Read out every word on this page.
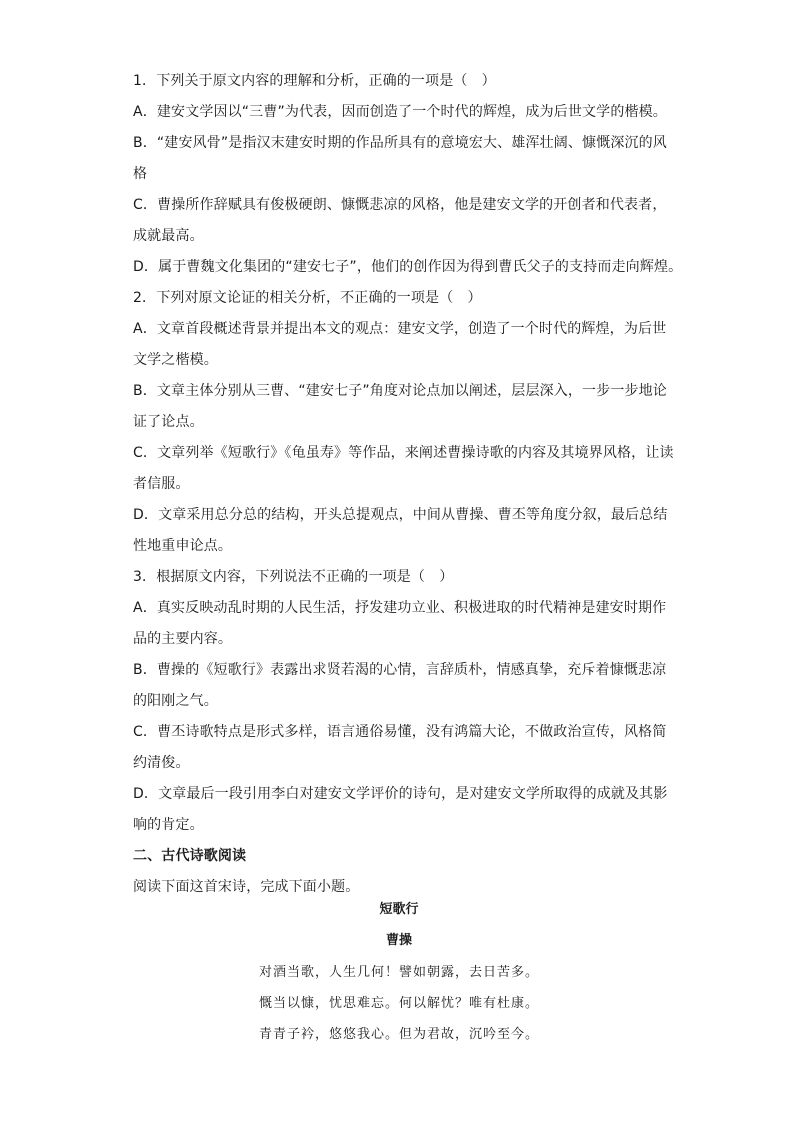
1．下列关于原文内容的理解和分析，正确的一项是（　）
A．建安文学因以“三曹”为代表，因而创造了一个时代的辉煌，成为后世文学的楷模。
B．“建安风骨”是指汉末建安时期的作品所具有的意境宏大、雄浑壮阔、慷慨深沉的风
格
C．曹操所作辞赋具有俊极硬朗、慷慨悲凉的风格，他是建安文学的开创者和代表者，
成就最高。
D．属于曹魏文化集团的“建安七子”，他们的创作因为得到曹氏父子的支持而走向辉煌。
2．下列对原文论证的相关分析，不正确的一项是（　）
A．文章首段概述背景并提出本文的观点：建安文学，创造了一个时代的辉煌，为后世
文学之楷模。
B．文章主体分别从三曹、“建安七子”角度对论点加以阐述，层层深入，一步一步地论
证了论点。
C．文章列举《短歌行》《龟虽寿》等作品，来阐述曹操诗歌的内容及其境界风格，让读
者信服。
D．文章采用总分总的结构，开头总提观点，中间从曹操、曹丕等角度分叙，最后总结
性地重申论点。
3．根据原文内容，下列说法不正确的一项是（　）
A．真实反映动乱时期的人民生活，抒发建功立业、积极进取的时代精神是建安时期作
品的主要内容。
B．曹操的《短歌行》表露出求贤若渴的心情，言辞质朴，情感真挚，充斥着慷慨悲凉
的阳刚之气。
C．曹丕诗歌特点是形式多样，语言通俗易懂，没有鸿篇大论，不做政治宣传，风格简
约清俊。
D．文章最后一段引用李白对建安文学评价的诗句，是对建安文学所取得的成就及其影
响的肯定。
二、古代诗歌阅读
阅读下面这首宋诗，完成下面小题。
短歌行
曹操
对酒当歌，人生几何！譬如朝露，去日苦多。
慨当以慷，忧思难忘。何以解忧？唯有杜康。
青青子衿，悠悠我心。但为君故，沉吟至今。
